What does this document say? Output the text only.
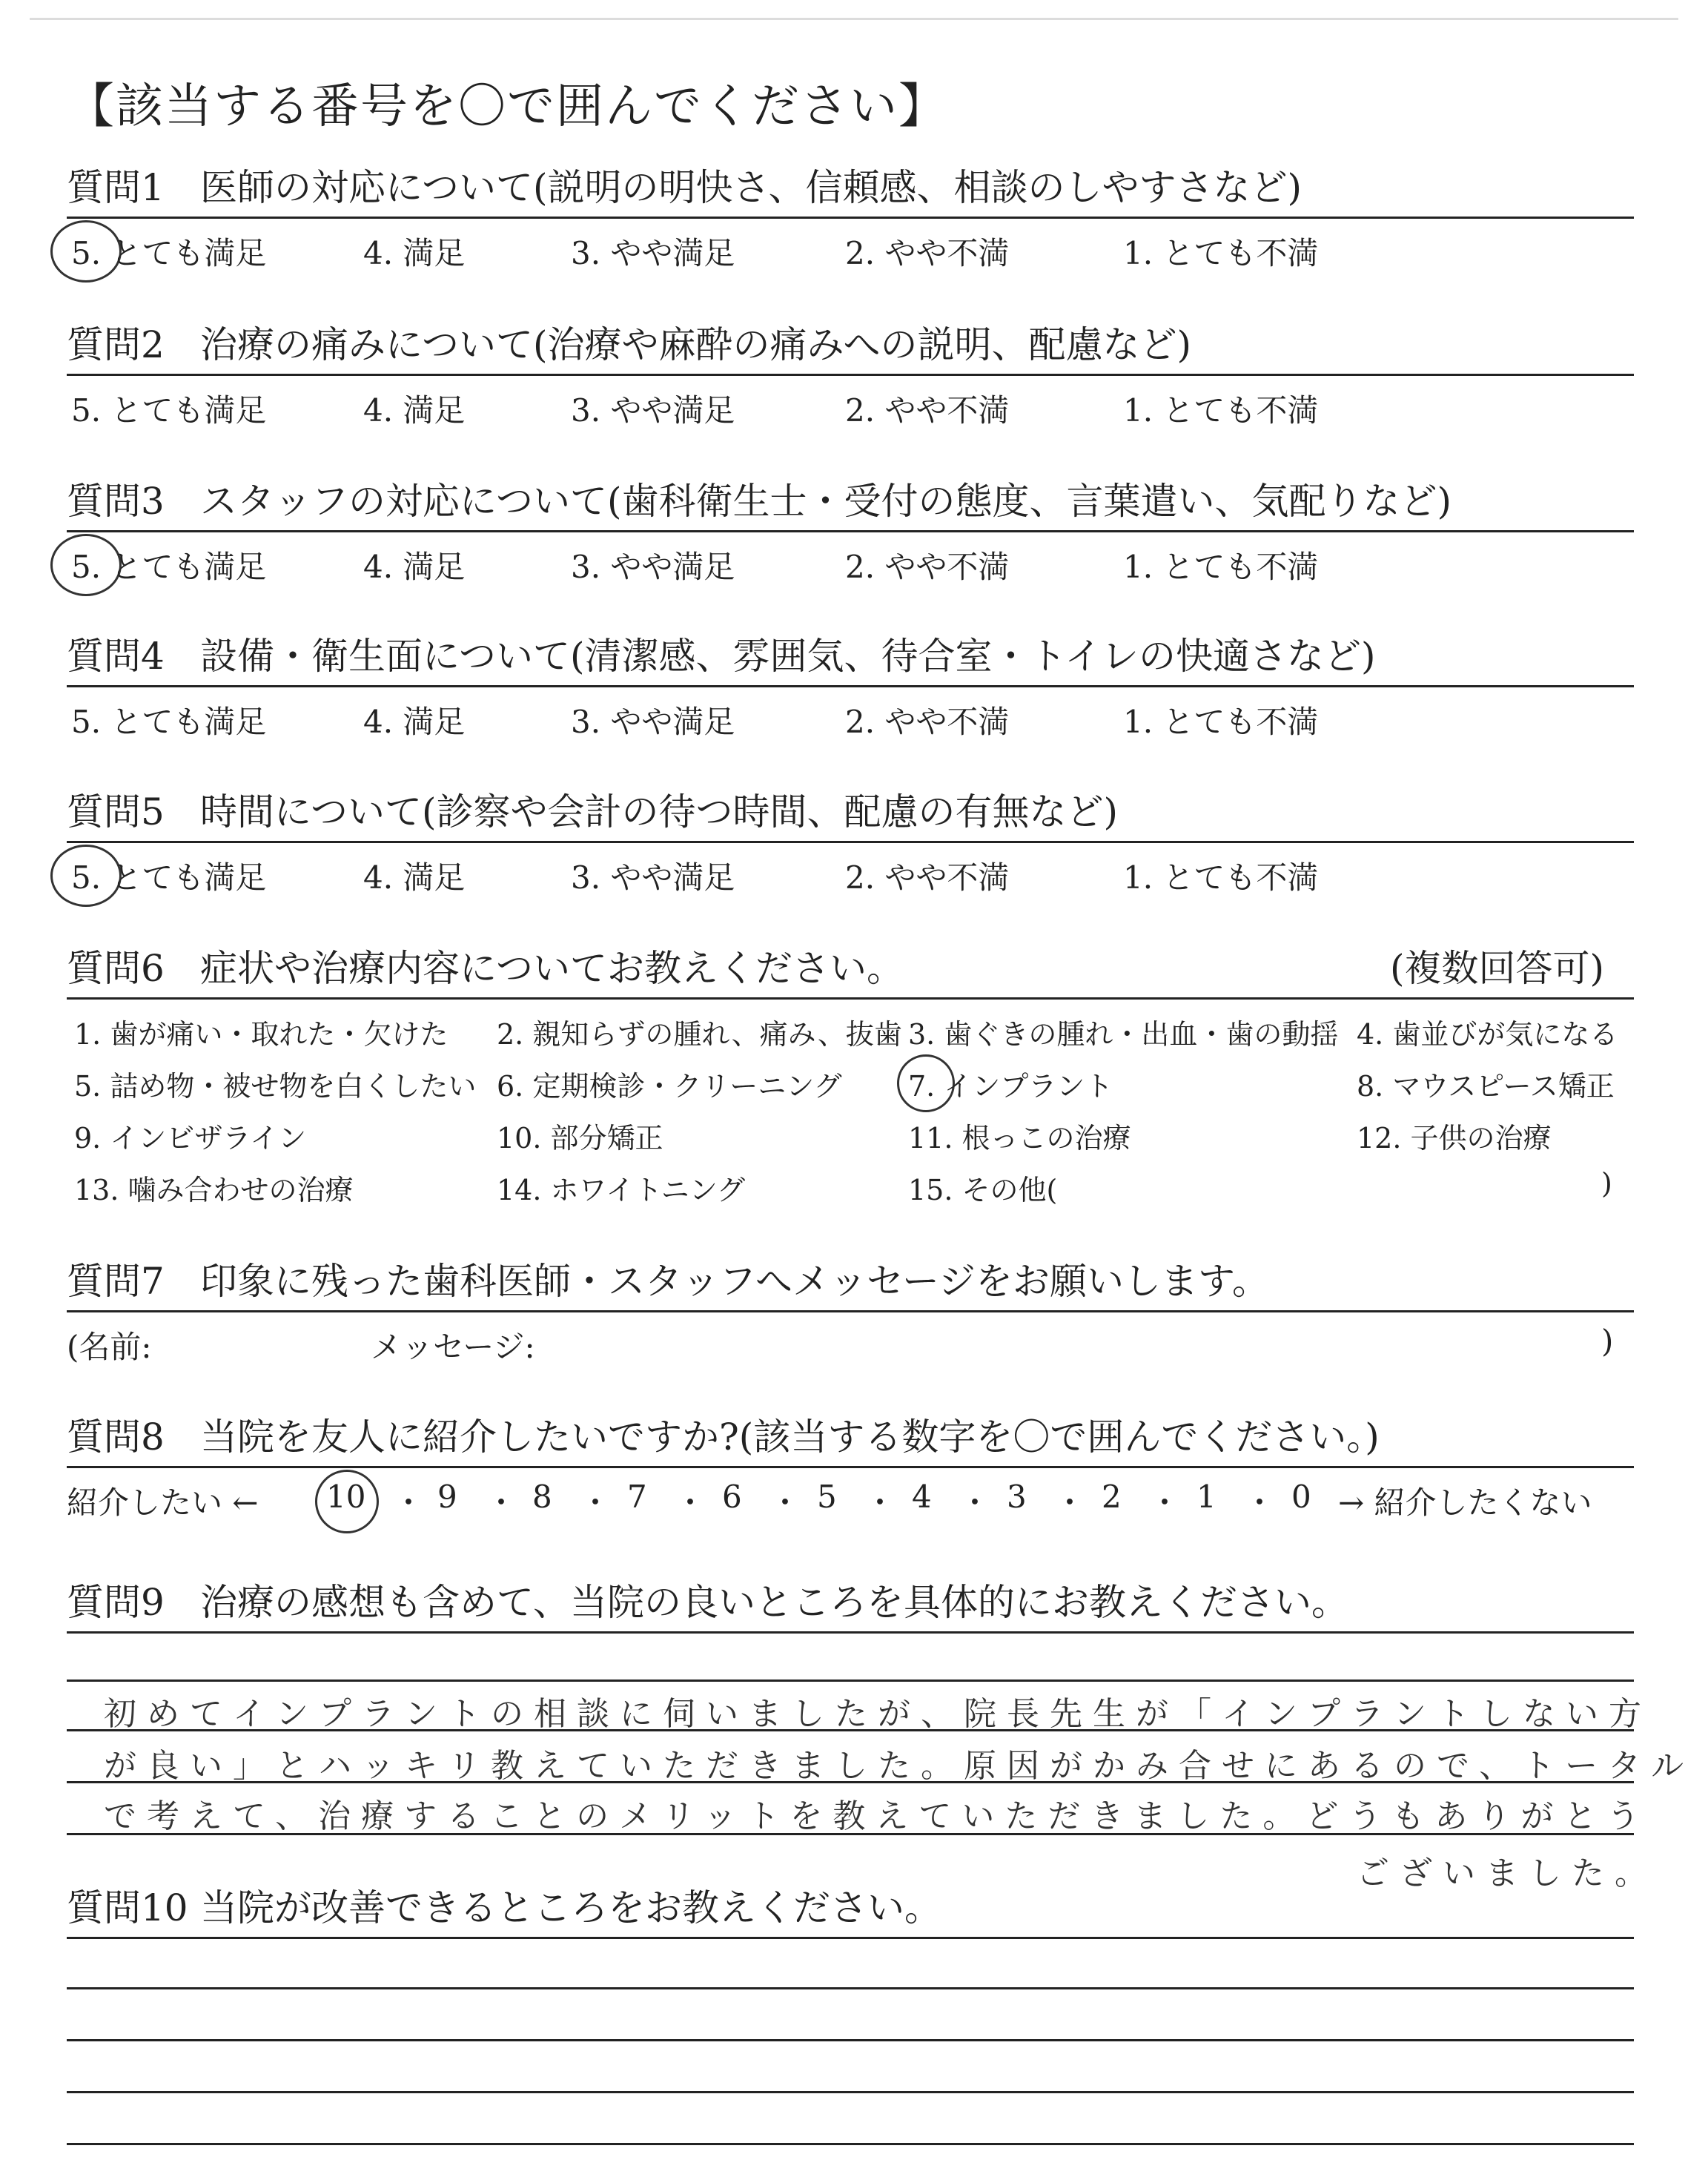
【該当する番号を〇で囲んでください】
質問1 医師の対応について(説明の明快さ、信頼感、相談のしやすさなど)
5. とても満足	4. 満足	3. やや満足	2. やや不満	1. とても不満
質問2 治療の痛みについて(治療や麻酔の痛みへの説明、配慮など)
5. とても満足	4. 満足	3. やや満足	2. やや不満	1. とても不満
質問3 スタッフの対応について(歯科衛生士・受付の態度、言葉遣い、気配りなど)
5. とても満足	4. 満足	3. やや満足	2. やや不満	1. とても不満
質問4 設備・衛生面について(清潔感、雰囲気、待合室・トイレの快適さなど)
5. とても満足	4. 満足	3. やや満足	2. やや不満	1. とても不満
質問5 時間について(診察や会計の待つ時間、配慮の有無など)
5. とても満足	4. 満足	3. やや満足	2. やや不満	1. とても不満
質問6 症状や治療内容についてお教えください。	(複数回答可)
1. 歯が痛い・取れた・欠けた 2. 親知らずの腫れ、痛み、抜歯 3. 歯ぐきの腫れ・出血・歯の動揺 4. 歯並びが気になる
5. 詰め物・被せ物を白くしたい 6. 定期検診・クリーニング 7. インプラント	8. マウスピース矯正
9. インビザライン	10. 部分矯正	11. 根っこの治療	12. 子供の治療
13. 噛み合わせの治療	14. ホワイトニング	15. その他(	)
質問7 印象に残った歯科医師・スタッフへメッセージをお願いします。
(名前:	メッセージ:	)
質問8 当院を友人に紹介したいですか?(該当する数字を〇で囲んでください。)
紹介したい ← 10 ・ 9 ・ 8 ・ 7 ・ 6 ・ 5 ・ 4 ・ 3 ・ 2 ・ 1 ・ 0 → 紹介したくない
質問9 治療の感想も含めて、当院の良いところを具体的にお教えください。
初めてインプラントの相談に伺いましたが、院長先生が「インプラントしない方
が良い」とハッキリ教えていただきました。原因がかみ合せにあるので、トータル
で考えて、治療することのメリットを教えていただきました。どうもありがとう
ございました。
質問10 当院が改善できるところをお教えください。
